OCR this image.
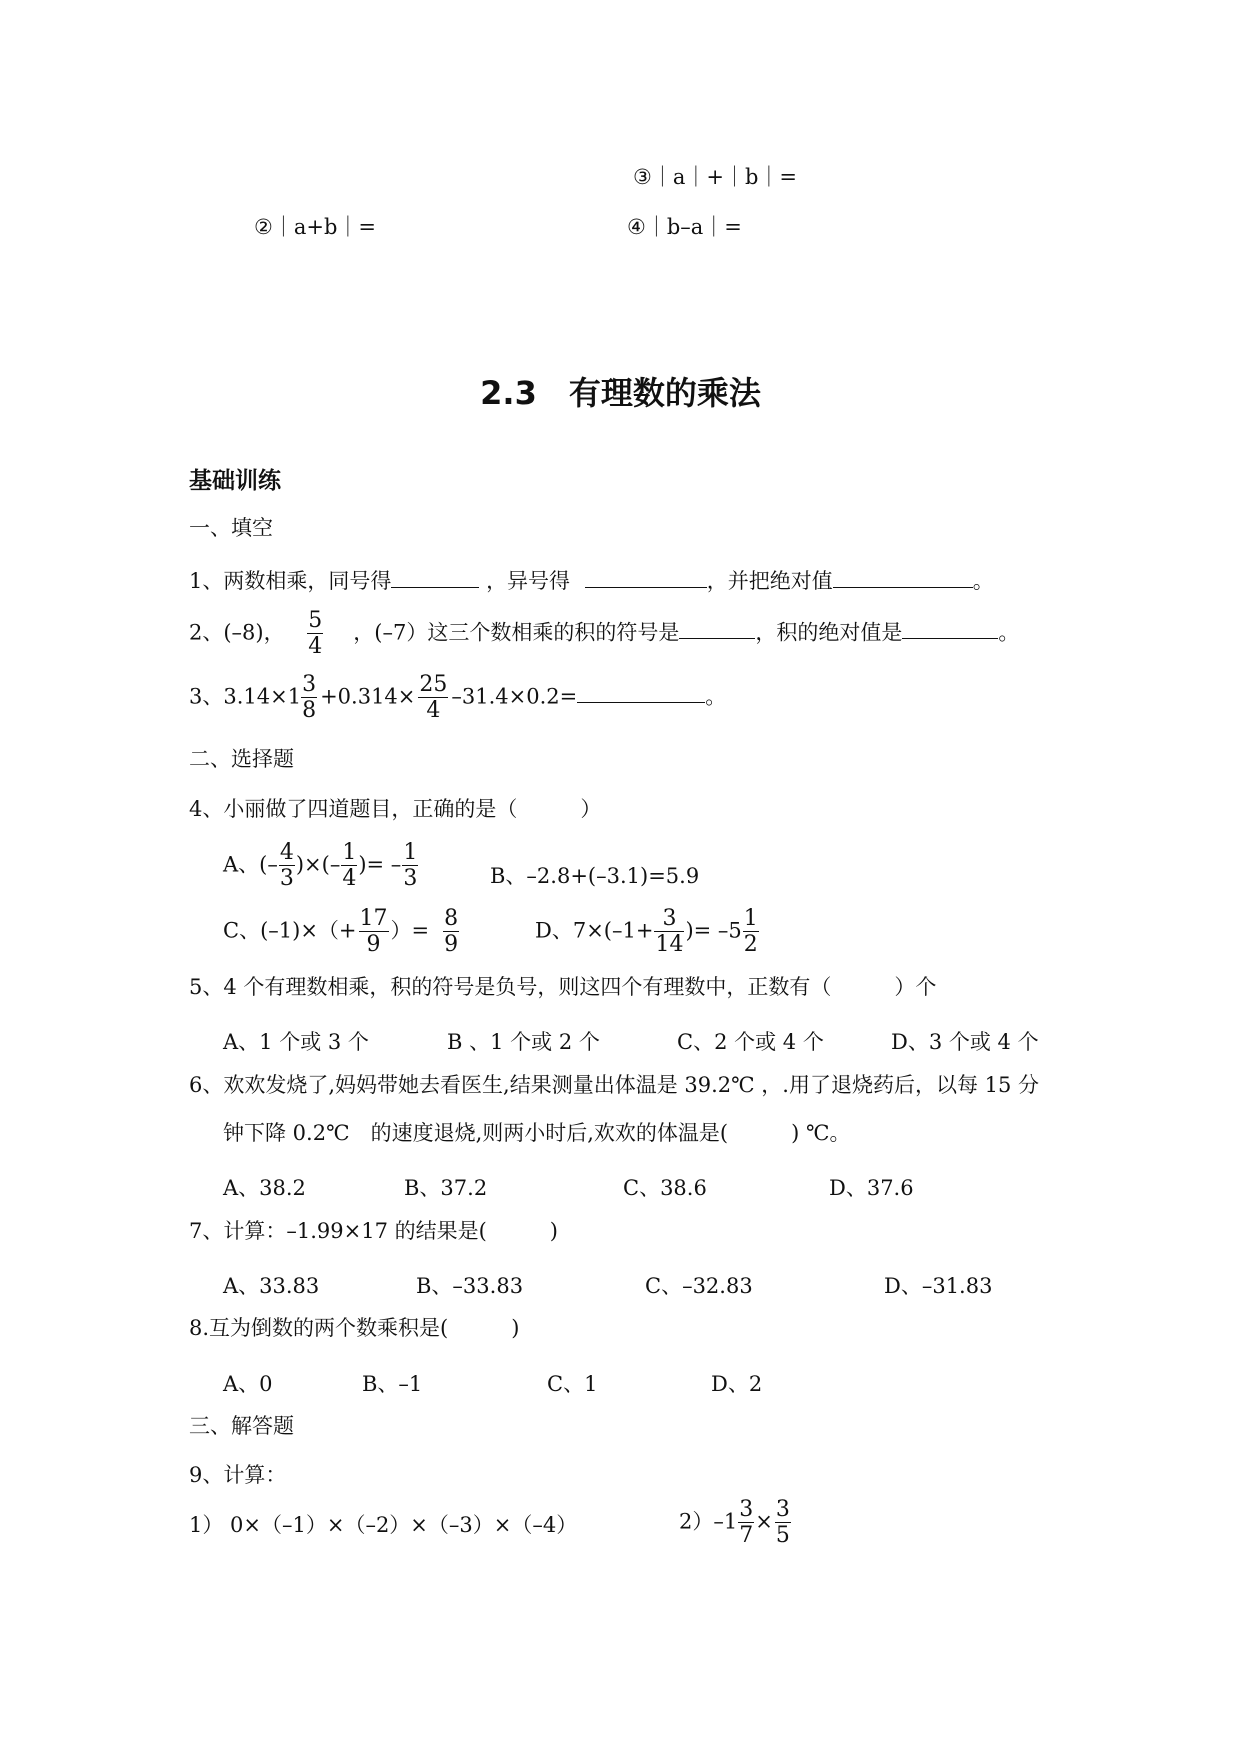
③｜a｜+｜b｜=
②｜a+b｜=	④｜b–a｜=
2.3　有理数的乘法
基础训练
一、填空
1、两数相乘，同号得	，异号得	，并把绝对值	。
2、(–8)， $\frac{5}{4}$ ，(–7）这三个数相乘的积的符号是	，积的绝对值是	。
3、$3.14\times 1 \frac{3}{8} +0.314\times \frac{25}{4} -31.4\times 0.2=$	。
二、选择题
4、小丽做了四道题目，正确的是（　　　）
A、(– $\frac{4}{3}$ )×(– $\frac{1}{4}$ )= – $\frac{1}{3}$	B、–2.8+(–3.1)=5.9
C、$(-1)\times(+ \frac{17}{9}$ ）= $\frac{8}{9}$	D、$7\times(-1+ \frac{3}{14}$ )= $-5 \frac{1}{2}$
5、4 个有理数相乘，积的符号是负号，则这四个有理数中，正数有（　　　）个
A、1 个或 3 个	B 、1 个或 2 个	C、2 个或 4 个	D、3 个或 4 个
6、欢欢发烧了,妈妈带她去看医生,结果测量出体温是 39.2℃ ，.用了退烧药后，以每 15 分
钟下降 0.2℃　的速度退烧,则两小时后,欢欢的体温是(　　　) ℃。
A、38.2	B、37.2	C、38.6	D、37.6
7、计算：–1.99×17 的结果是(　　　)
A、33.83	B、–33.83	C、–32.83	D、–31.83
8.互为倒数的两个数乘积是(　　　)
A、0	B、–1	C、1	D、2
三、解答题
9、计算：
1） 0×（–1）×（–2）×（–3）×（–4）	$2)-1 \frac{3}{7} \times \frac{3}{5}$
